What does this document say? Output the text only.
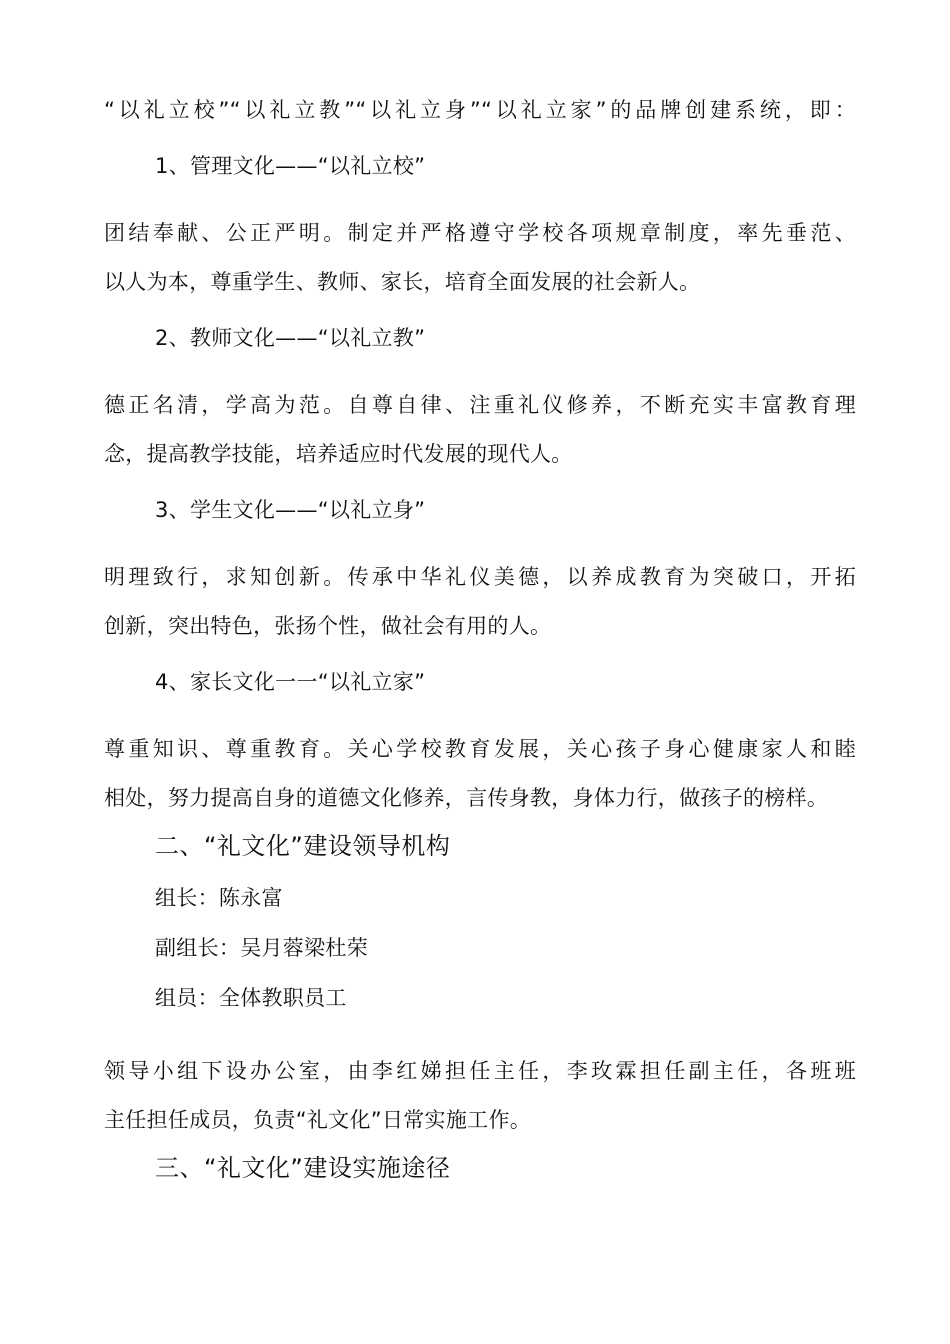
“以礼立校”“以礼立教”“以礼立身”“以礼立家”的品牌创建系统，即：
1、管理文化——“以礼立校”
团结奉献、公正严明。制定并严格遵守学校各项规章制度，率先垂范、
以人为本，尊重学生、教师、家长，培育全面发展的社会新人。
2、教师文化——“以礼立教”
德正名清，学高为范。自尊自律、注重礼仪修养，不断充实丰富教育理
念，提高教学技能，培养适应时代发展的现代人。
3、学生文化——“以礼立身”
明理致行，求知创新。传承中华礼仪美德，以养成教育为突破口，开拓
创新，突出特色，张扬个性，做社会有用的人。
4、家长文化一一“以礼立家”
尊重知识、尊重教育。关心学校教育发展，关心孩子身心健康家人和睦
相处，努力提高自身的道德文化修养，言传身教，身体力行，做孩子的榜样。
二、“礼文化”建设领导机构
组长：陈永富
副组长：吴月蓉梁杜荣
组员：全体教职员工
领导小组下设办公室，由李红娣担任主任，李玫霖担任副主任，各班班
主任担任成员，负责“礼文化”日常实施工作。
三、“礼文化”建设实施途径
